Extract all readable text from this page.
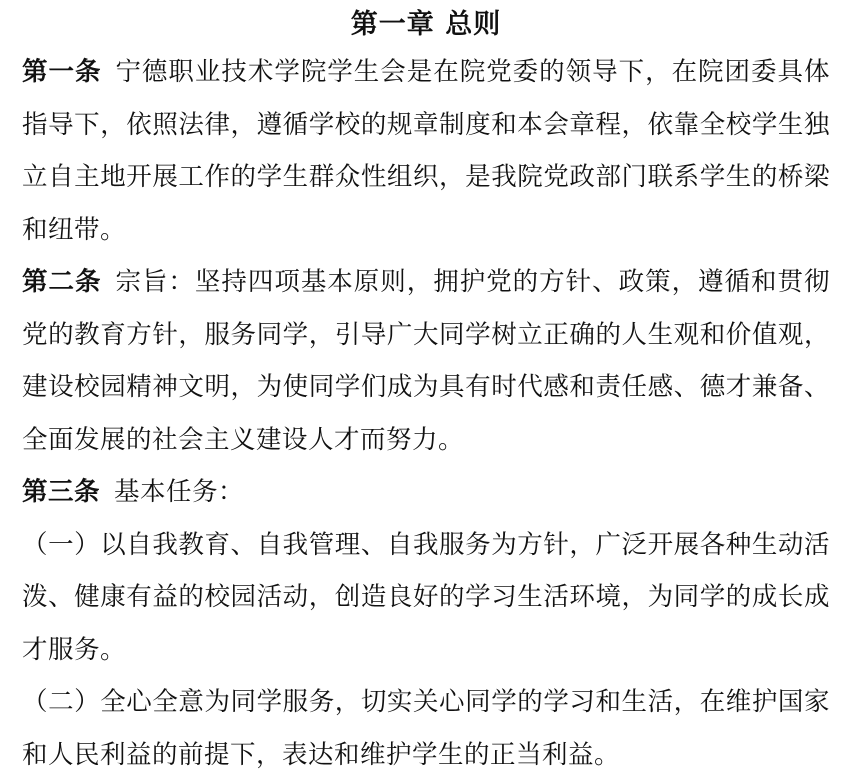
第一章 总则

第一条 宁德职业技术学院学生会是在院党委的领导下，在院团委具体指导下，依照法律，遵循学校的规章制度和本会章程，依靠全校学生独立自主地开展工作的学生群众性组织，是我院党政部门联系学生的桥梁和纽带。

第二条 宗旨：坚持四项基本原则，拥护党的方针、政策，遵循和贯彻党的教育方针，服务同学，引导广大同学树立正确的人生观和价值观，建设校园精神文明，为使同学们成为具有时代感和责任感、德才兼备、全面发展的社会主义建设人才而努力。

第三条 基本任务：

（一）以自我教育、自我管理、自我服务为方针，广泛开展各种生动活泼、健康有益的校园活动，创造良好的学习生活环境，为同学的成长成才服务。

（二）全心全意为同学服务，切实关心同学的学习和生活，在维护国家和人民利益的前提下，表达和维护学生的正当利益。
